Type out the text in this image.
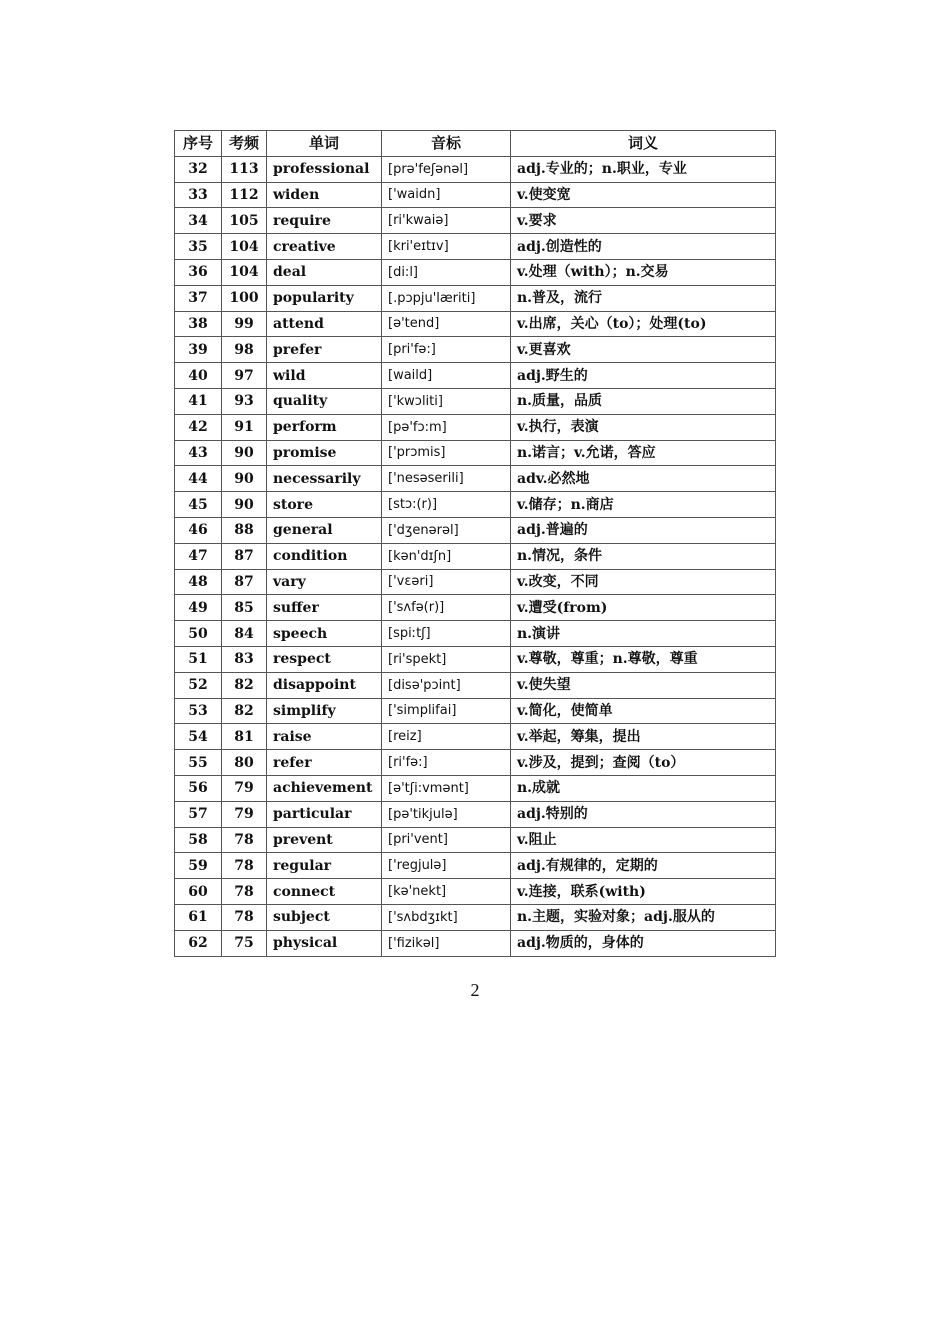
序号	考频	单词	音标	词义
32	113	professional	[prə'feʃənəl]	adj.专业的；n.职业，专业
33	112	widen	['waidn]	v.使变宽
34	105	require	[ri'kwaiə]	v.要求
35	104	creative	[kri'eɪtɪv]	adj.创造性的
36	104	deal	[di:l]	v.处理（with）；n.交易
37	100	popularity	[.pɔpju'læriti]	n.普及，流行
38	99	attend	[ə'tend]	v.出席，关心（to）；处理(to)
39	98	prefer	[pri'fə:]	v.更喜欢
40	97	wild	[waild]	adj.野生的
41	93	quality	['kwɔliti]	n.质量，品质
42	91	perform	[pə'fɔ:m]	v.执行，表演
43	90	promise	['prɔmis]	n.诺言；v.允诺，答应
44	90	necessarily	['nesəserili]	adv.必然地
45	90	store	[stɔ:(r)]	v.储存；n.商店
46	88	general	['dʒenərəl]	adj.普遍的
47	87	condition	[kən'dɪʃn]	n.情况，条件
48	87	vary	['vɛəri]	v.改变，不同
49	85	suffer	['sʌfə(r)]	v.遭受(from)
50	84	speech	[spiːtʃ]	n.演讲
51	83	respect	[ri'spekt]	v.尊敬，尊重；n.尊敬，尊重
52	82	disappoint	[disə'pɔint]	v.使失望
53	82	simplify	['simplifai]	v.简化，使简单
54	81	raise	[reiz]	v.举起，筹集，提出
55	80	refer	[ri'fə:]	v.涉及，提到；查阅（to）
56	79	achievement	[ə'tʃi:vmənt]	n.成就
57	79	particular	[pə'tikjulə]	adj.特别的
58	78	prevent	[pri'vent]	v.阻止
59	78	regular	['regjulə]	adj.有规律的，定期的
60	78	connect	[kə'nekt]	v.连接，联系(with)
61	78	subject	['sʌbdʒɪkt]	n.主题，实验对象；adj.服从的
62	75	physical	['fizikəl]	adj.物质的，身体的
2
